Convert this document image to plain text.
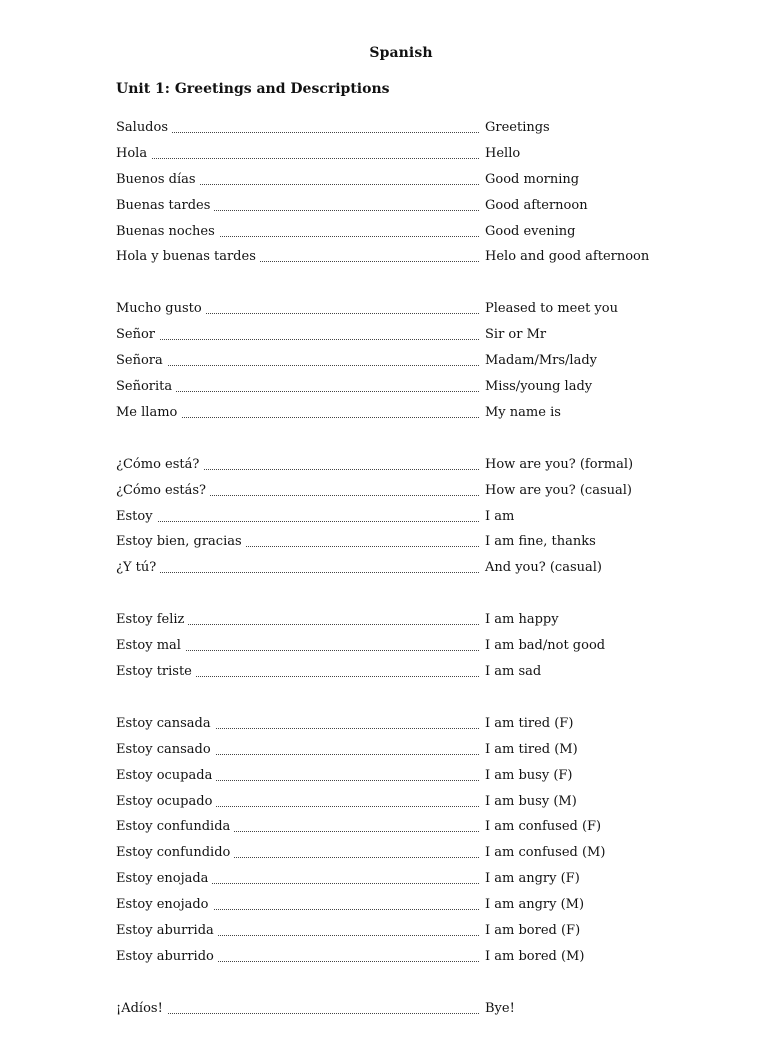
Spanish
Unit 1: Greetings and Descriptions
Saludos	Greetings
Hola	Hello
Buenos días	Good morning
Buenas tardes	Good afternoon
Buenas noches	Good evening
Hola y buenas tardes	Helo and good afternoon
Mucho gusto	Pleased to meet you
Señor	Sir or Mr
Señora	Madam/Mrs/lady
Señorita	Miss/young lady
Me llamo	My name is
¿Cómo está?	How are you? (formal)
¿Cómo estás?	How are you? (casual)
Estoy	I am
Estoy bien, gracias	I am fine, thanks
¿Y tú?	And you? (casual)
Estoy feliz	I am happy
Estoy mal	I am bad/not good
Estoy triste	I am sad
Estoy cansada	I am tired (F)
Estoy cansado	I am tired (M)
Estoy ocupada	I am busy (F)
Estoy ocupado	I am busy (M)
Estoy confundida	I am confused (F)
Estoy confundido	I am confused (M)
Estoy enojada	I am angry (F)
Estoy enojado	I am angry (M)
Estoy aburrida	I am bored (F)
Estoy aburrido	I am bored (M)
¡Adíos!	Bye!
